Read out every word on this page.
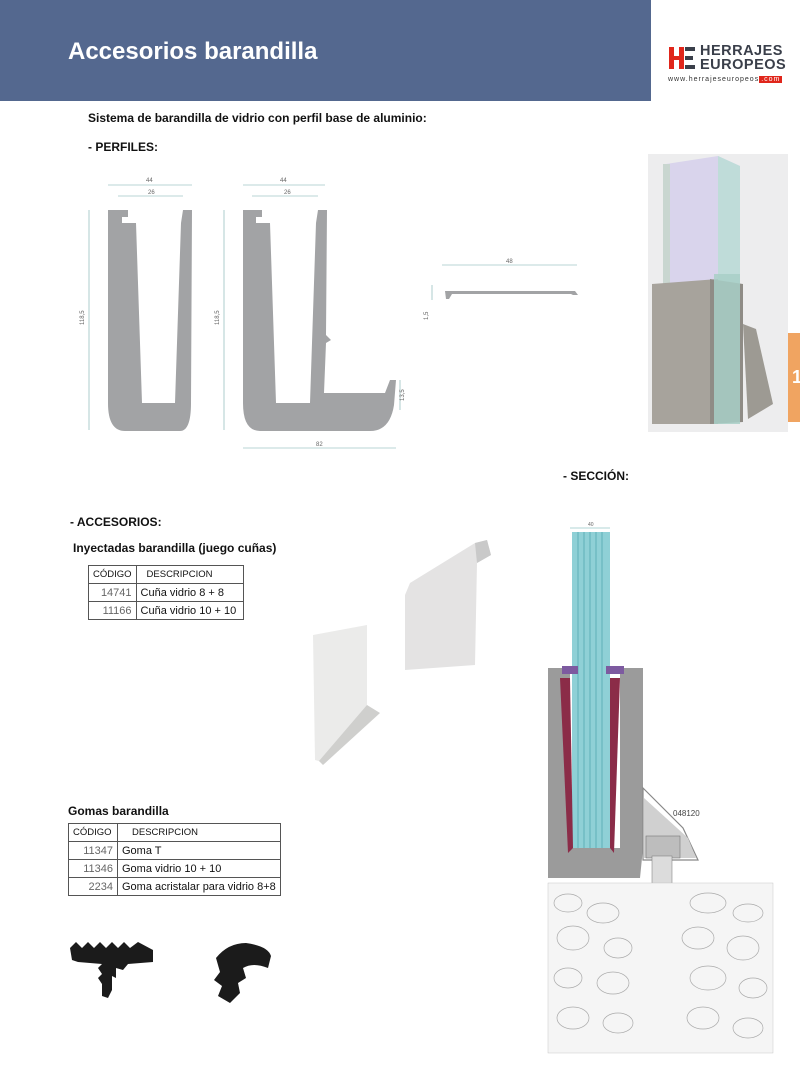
Accesorios barandilla	HERRAJES
EUROPEOS
www.herrajeseuropeos .com
1
Sistema de barandilla de vidrio con perfil base de aluminio:
- PERFILES:
44
26
118,5
44
26
118,5
82
13,5
48
1,5
- SECCIÓN:
- ACCESORIOS:
Inyectadas barandilla (juego cuñas)
CÓDIGO	DESCRIPCION
14741	Cuña vidrio 8 + 8
11166	Cuña vidrio 10 + 10
40
048120
Gomas barandilla
CÓDIGO	DESCRIPCION
11347	Goma T
11346	Goma vidrio 10 + 10
2234	Goma acristalar para vidrio 8+8
